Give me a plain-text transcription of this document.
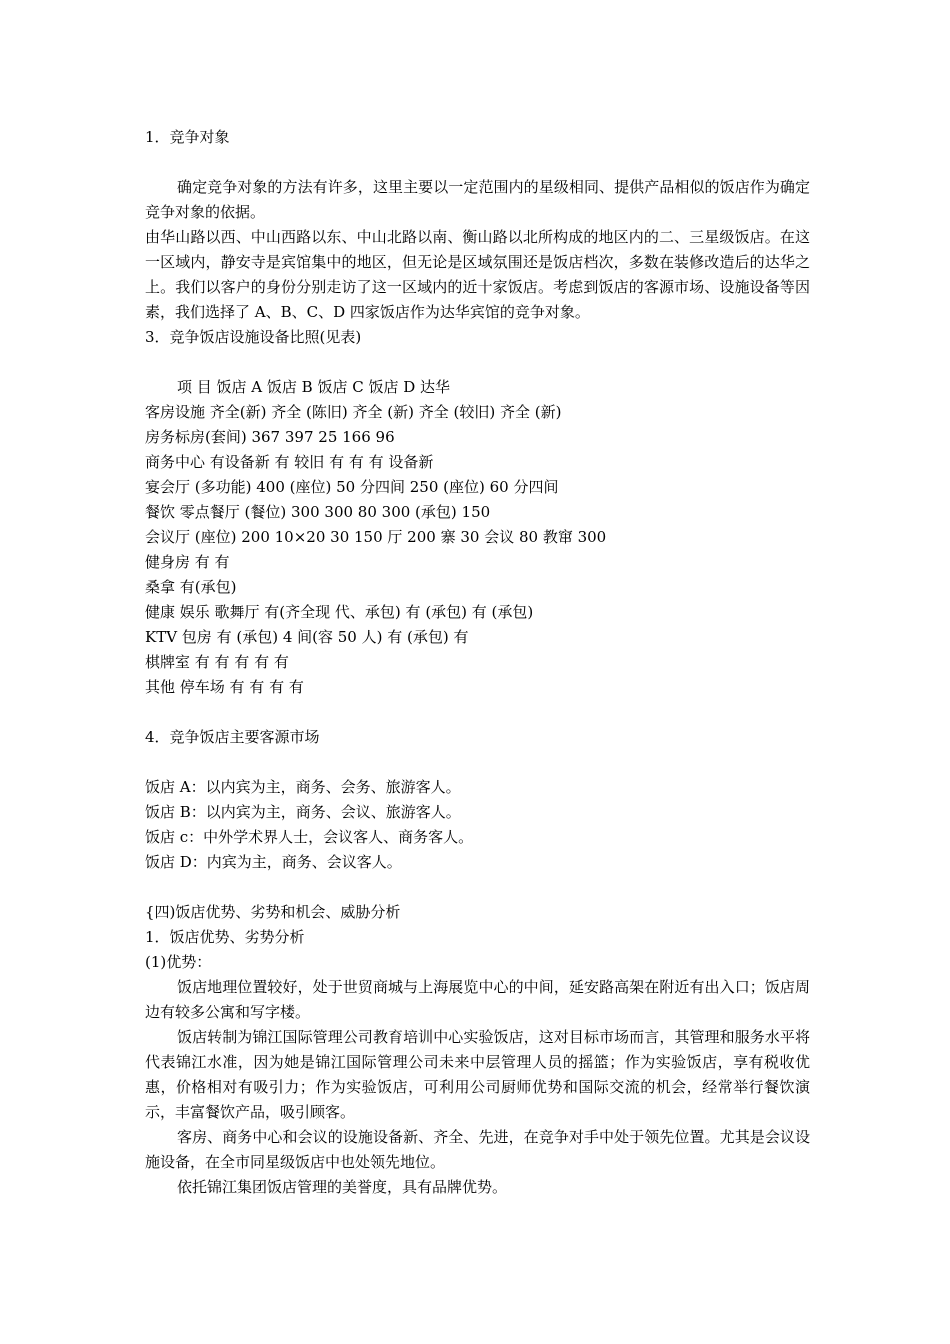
1．竞争对象
确定竞争对象的方法有许多，这里主要以一定范围内的星级相同、提供产品相似的饭店作为确定竞争对象的依据。
由华山路以西、中山西路以东、中山北路以南、衡山路以北所构成的地区内的二、三星级饭店。在这一区域内，静安寺是宾馆集中的地区，但无论是区域氛围还是饭店档次，多数在装修改造后的达华之上。我们以客户的身份分别走访了这一区域内的近十家饭店。考虑到饭店的客源市场、设施设备等因素，我们选择了 A、B、C、D 四家饭店作为达华宾馆的竞争对象。
3．竞争饭店设施设备比照(见表)
项 目 饭店 A 饭店 B 饭店 C 饭店 D 达华
客房设施 齐全(新) 齐全 (陈旧) 齐全 (新) 齐全 (较旧) 齐全 (新)
房务标房(套间) 367 397 25 166 96
商务中心 有设备新 有 较旧 有 有 有 设备新
宴会厅 (多功能) 400 (座位) 50 分四间 250 (座位) 60 分四间
餐饮 零点餐厅 (餐位) 300 300 80 300 (承包) 150
会议厅 (座位) 200 10×20 30 150 厅 200 寨 30 会议 80 教窜 300
健身房 有 有
桑拿 有(承包)
健康 娱乐 歌舞厅 有(齐全现 代、承包) 有 (承包) 有 (承包)
KTV 包房 有 (承包) 4 间(容 50 人) 有 (承包) 有
棋牌室 有 有 有 有 有
其他 停车场 有 有 有 有
4．竞争饭店主要客源市场
饭店 A：以内宾为主，商务、会务、旅游客人。
饭店 B：以内宾为主，商务、会议、旅游客人。
饭店 c：中外学术界人士，会议客人、商务客人。
饭店 D：内宾为主，商务、会议客人。
{四)饭店优势、劣势和机会、威胁分析
1．饭店优势、劣势分析
(1)优势：
饭店地理位置较好，处于世贸商城与上海展览中心的中间，延安路高架在附近有出入口；饭店周边有较多公寓和写字楼。
饭店转制为锦江国际管理公司教育培训中心实验饭店，这对目标市场而言，其管理和服务水平将代表锦江水准，因为她是锦江国际管理公司未来中层管理人员的摇篮；作为实验饭店，享有税收优惠，价格相对有吸引力；作为实验饭店，可利用公司厨师优势和国际交流的机会，经常举行餐饮演示，丰富餐饮产品，吸引顾客。
客房、商务中心和会议的设施设备新、齐全、先进，在竞争对手中处于领先位置。尤其是会议设施设备，在全市同星级饭店中也处领先地位。
依托锦江集团饭店管理的美誉度，具有品牌优势。
